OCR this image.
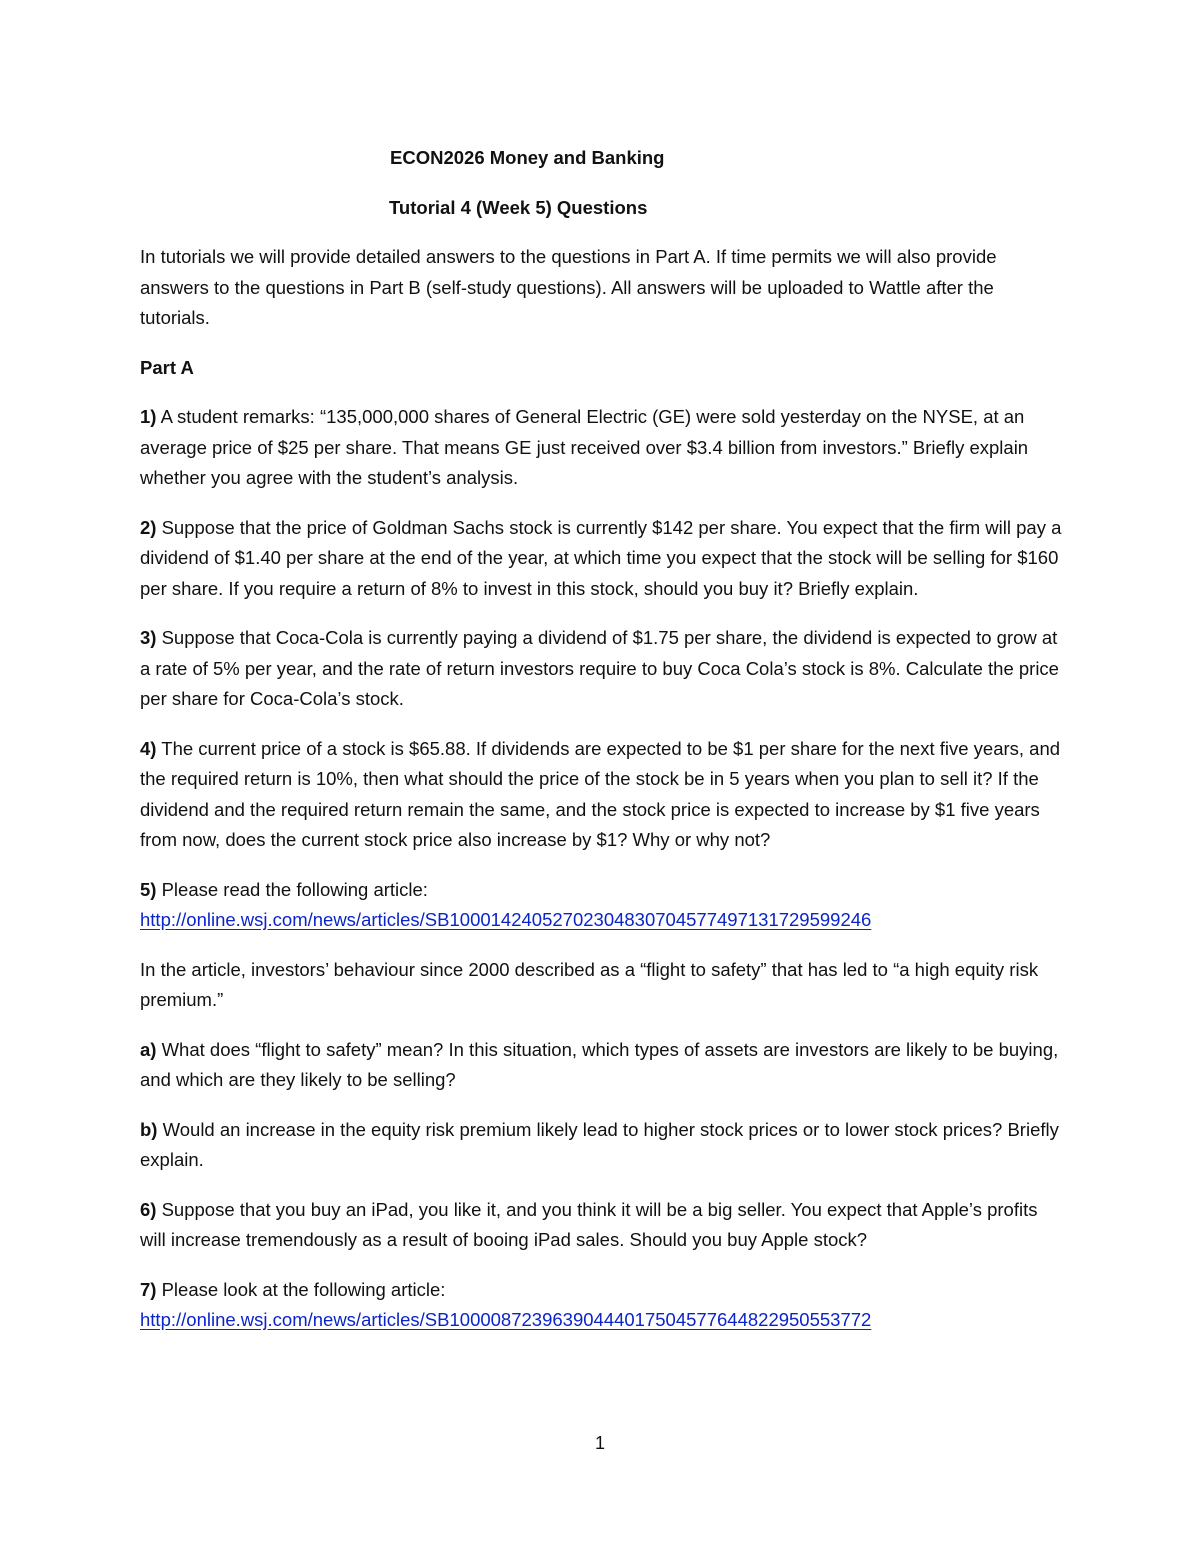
ECON2026 Money and Banking
Tutorial 4 (Week 5) Questions

In tutorials we will provide detailed answers to the questions in Part A. If time permits we will also provide answers to the questions in Part B (self-study questions). All answers will be uploaded to Wattle after the tutorials.

Part A

1) A student remarks: “135,000,000 shares of General Electric (GE) were sold yesterday on the NYSE, at an average price of $25 per share. That means GE just received over $3.4 billion from investors.” Briefly explain whether you agree with the student’s analysis.

2) Suppose that the price of Goldman Sachs stock is currently $142 per share. You expect that the firm will pay a dividend of $1.40 per share at the end of the year, at which time you expect that the stock will be selling for $160 per share. If you require a return of 8% to invest in this stock, should you buy it? Briefly explain.

3) Suppose that Coca-Cola is currently paying a dividend of $1.75 per share, the dividend is expected to grow at a rate of 5% per year, and the rate of return investors require to buy Coca Cola’s stock is 8%. Calculate the price per share for Coca-Cola’s stock.

4) The current price of a stock is $65.88. If dividends are expected to be $1 per share for the next five years, and the required return is 10%, then what should the price of the stock be in 5 years when you plan to sell it? If the dividend and the required return remain the same, and the stock price is expected to increase by $1 five years from now, does the current stock price also increase by $1? Why or why not?

5) Please read the following article:
http://online.wsj.com/news/articles/SB10001424052702304830704577497131729599246

In the article, investors’ behaviour since 2000 described as a “flight to safety” that has led to “a high equity risk premium.”

a) What does “flight to safety” mean? In this situation, which types of assets are investors are likely to be buying, and which are they likely to be selling?

b) Would an increase in the equity risk premium likely lead to higher stock prices or to lower stock prices? Briefly explain.

6) Suppose that you buy an iPad, you like it, and you think it will be a big seller. You expect that Apple’s profits will increase tremendously as a result of booing iPad sales. Should you buy Apple stock?

7) Please look at the following article:
http://online.wsj.com/news/articles/SB10000872396390444017504577644822950553772

1
